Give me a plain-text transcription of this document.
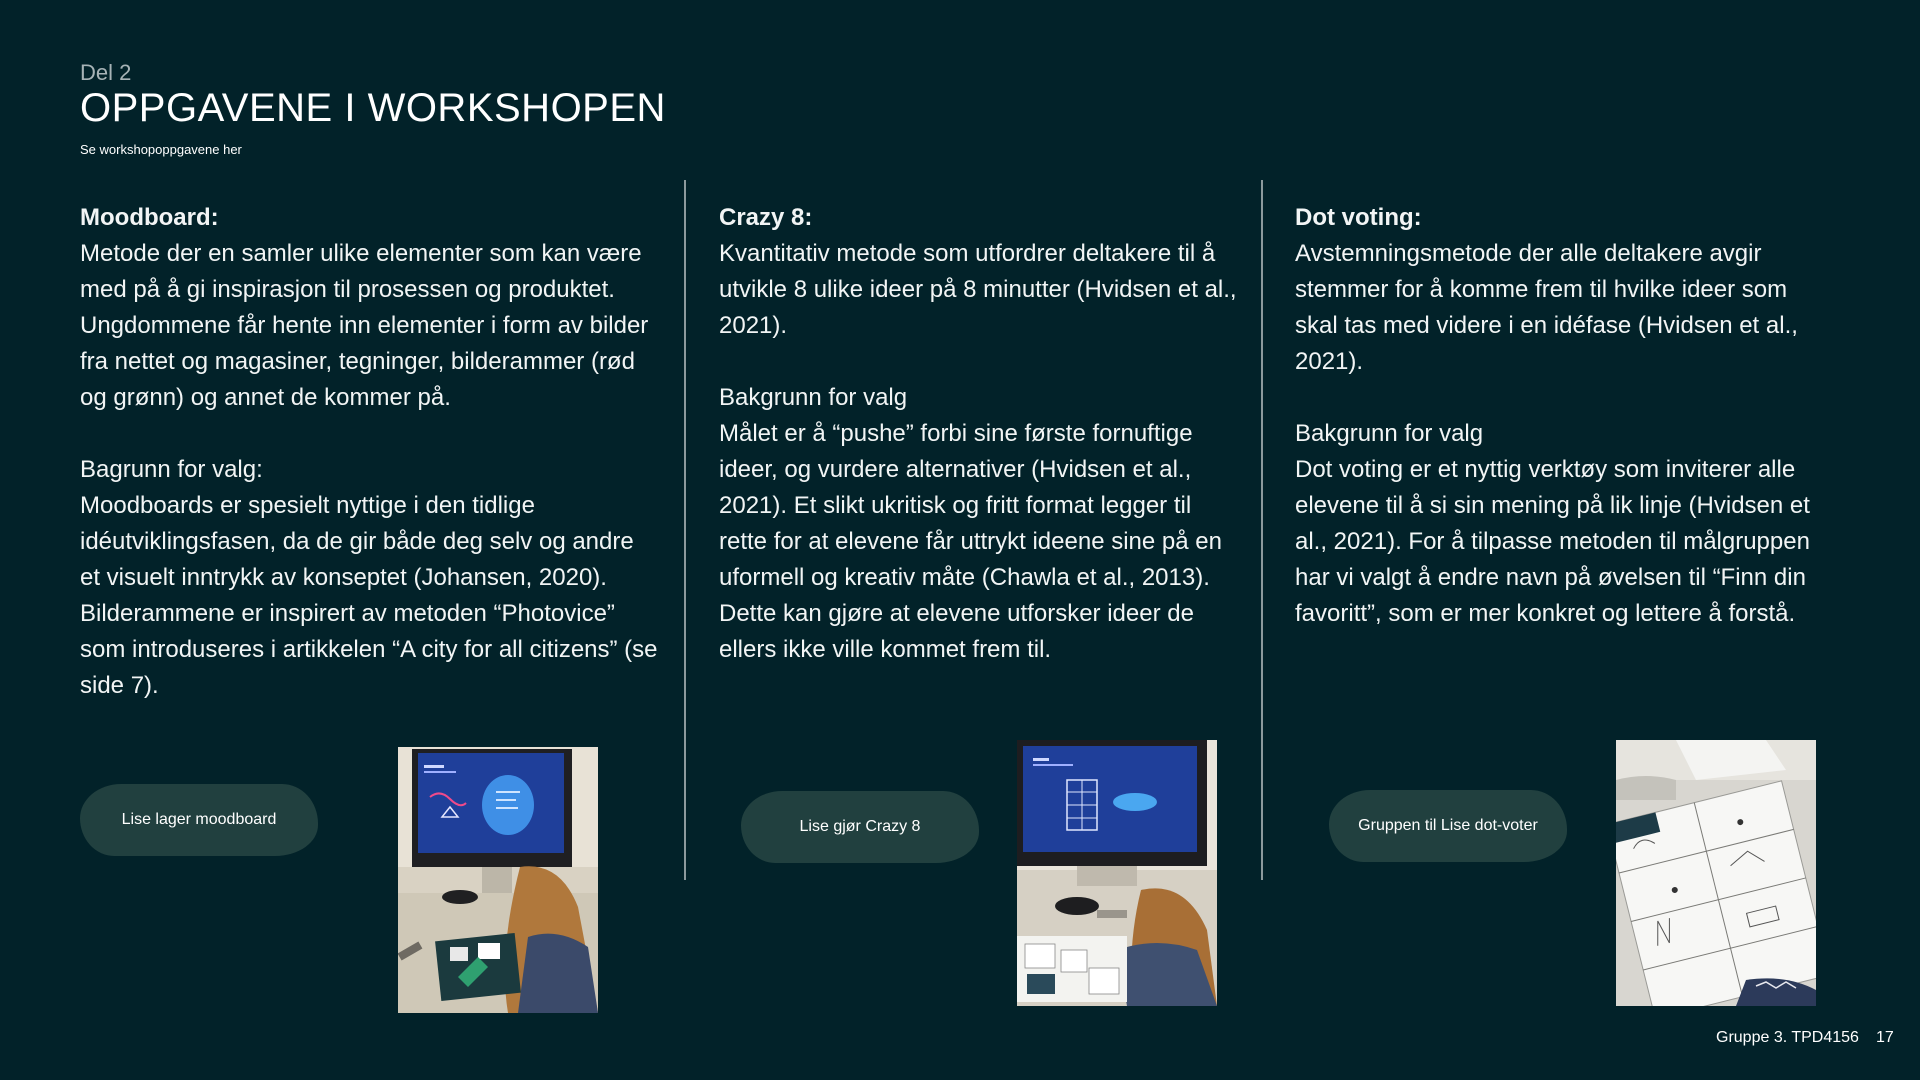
Del 2
OPPGAVENE I WORKSHOPEN
Se workshopoppgavene her

Moodboard:

Metode der en samler ulike elementer som kan være med på å gi inspirasjon til prosessen og produktet. Ungdommene får hente inn elementer i form av bilder fra nettet og magasiner, tegninger, bilderammer (rød og grønn) og annet de kommer på.

Bagrunn for valg:

Moodboards er spesielt nyttige i den tidlige idéutviklingsfasen, da de gir både deg selv og andre et visuelt inntrykk av konseptet (Johansen, 2020). Bilderammene er inspirert av metoden “Photovice” som introduseres i artikkelen “A city for all citizens” (se side 7).

Crazy 8:

Kvantitativ metode som utfordrer deltakere til å utvikle 8 ulike ideer på 8 minutter (Hvidsen et al., 2021).

Bakgrunn for valg

Målet er å “pushe” forbi sine første fornuftige ideer, og vurdere alternativer (Hvidsen et al., 2021). Et slikt ukritisk og fritt format legger til rette for at elevene får uttrykt ideene sine på en uformell og kreativ måte (Chawla et al., 2013). Dette kan gjøre at elevene utforsker ideer de ellers ikke ville kommet frem til.

Dot voting:

Avstemningsmetode der alle deltakere avgir stemmer for å komme frem til hvilke ideer som skal tas med videre i en idéfase (Hvidsen et al., 2021).

Bakgrunn for valg

Dot voting er et nyttig verktøy som inviterer alle elevene til å si sin mening på lik linje (Hvidsen et al., 2021). For å tilpasse metoden til målgruppen har vi valgt å endre navn på øvelsen til “Finn din favoritt”, som er mer konkret og lettere å forstå.

Lise lager moodboard	Lise gjør Crazy 8	Gruppen til Lise dot-voter
Gruppe 3. TPD4156 17
